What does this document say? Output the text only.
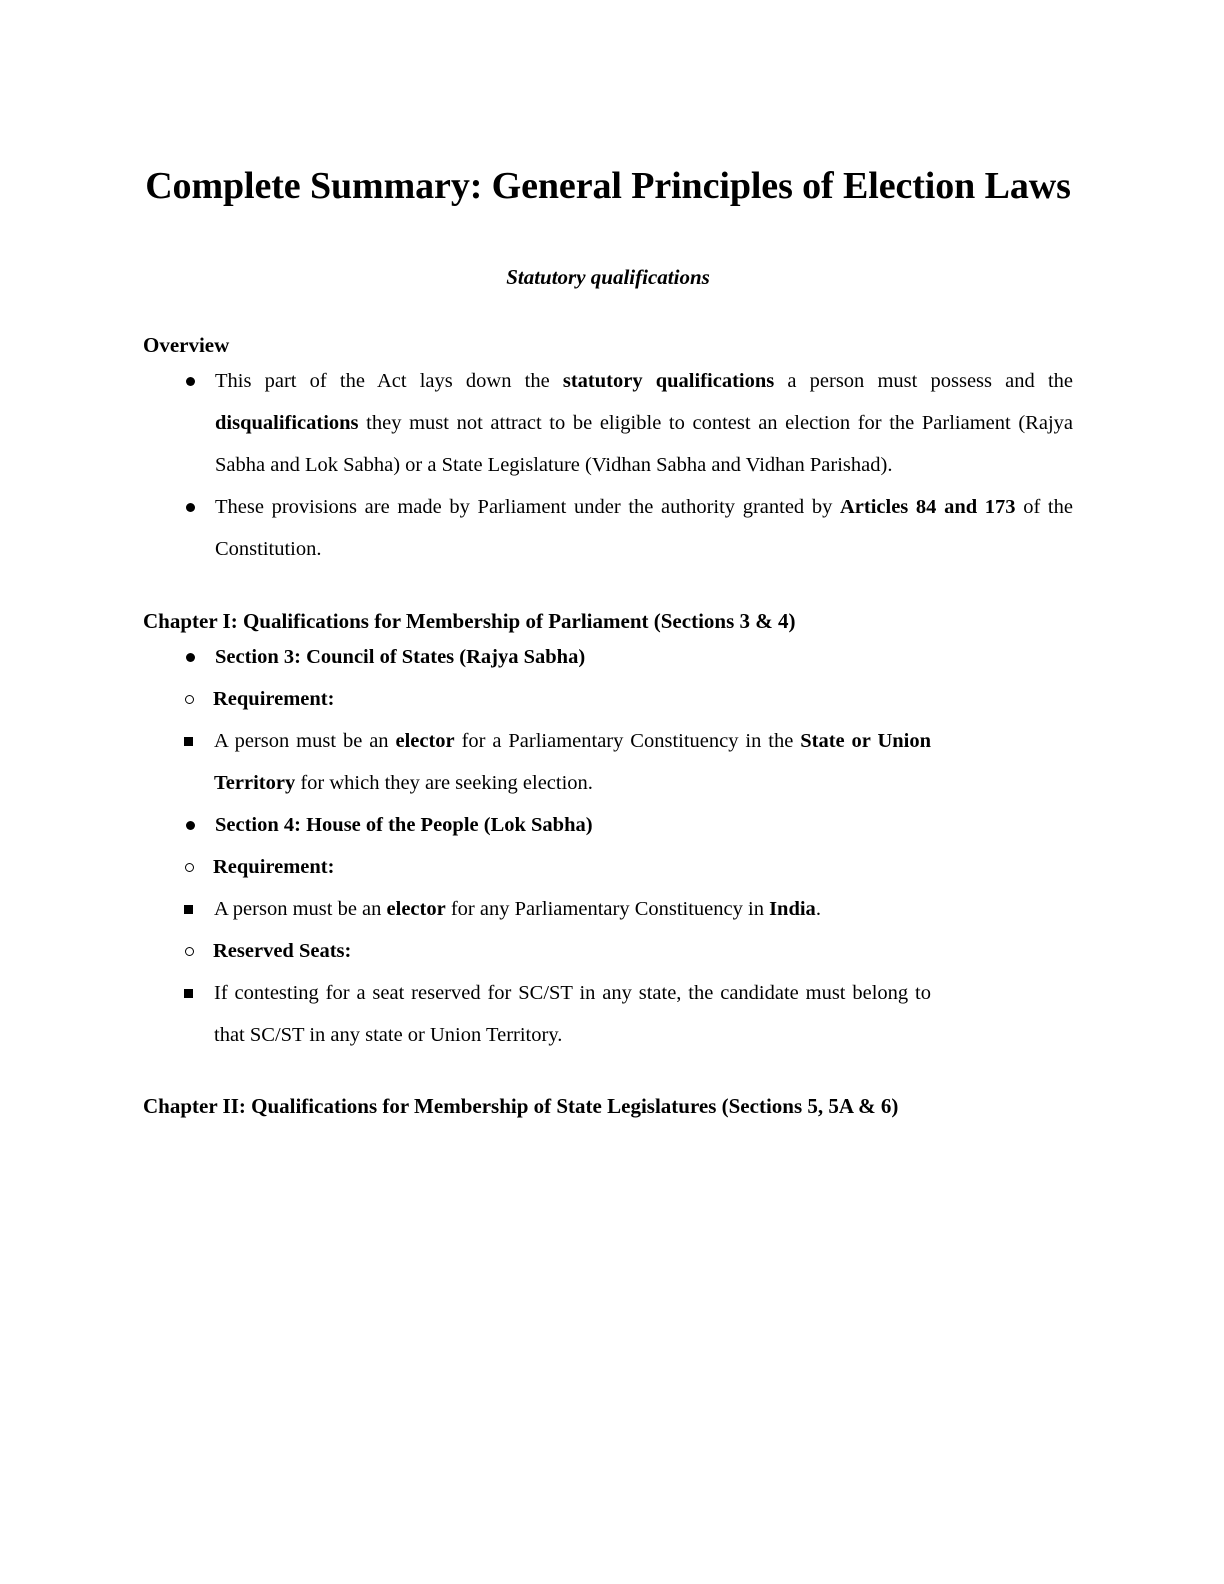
Complete Summary: General Principles of Election Laws
Statutory qualifications
Overview
This part of the Act lays down the statutory qualifications a person must possess and the disqualifications they must not attract to be eligible to contest an election for the Parliament (Rajya Sabha and Lok Sabha) or a State Legislature (Vidhan Sabha and Vidhan Parishad).
These provisions are made by Parliament under the authority granted by Articles 84 and 173 of the Constitution.
Chapter I: Qualifications for Membership of Parliament (Sections 3 & 4)
Section 3: Council of States (Rajya Sabha)
Requirement:
A person must be an elector for a Parliamentary Constituency in the State or Union Territory for which they are seeking election.
Section 4: House of the People (Lok Sabha)
Requirement:
A person must be an elector for any Parliamentary Constituency in India.
Reserved Seats:
If contesting for a seat reserved for SC/ST in any state, the candidate must belong to that SC/ST in any state or Union Territory.
Chapter II: Qualifications for Membership of State Legislatures (Sections 5, 5A & 6)
